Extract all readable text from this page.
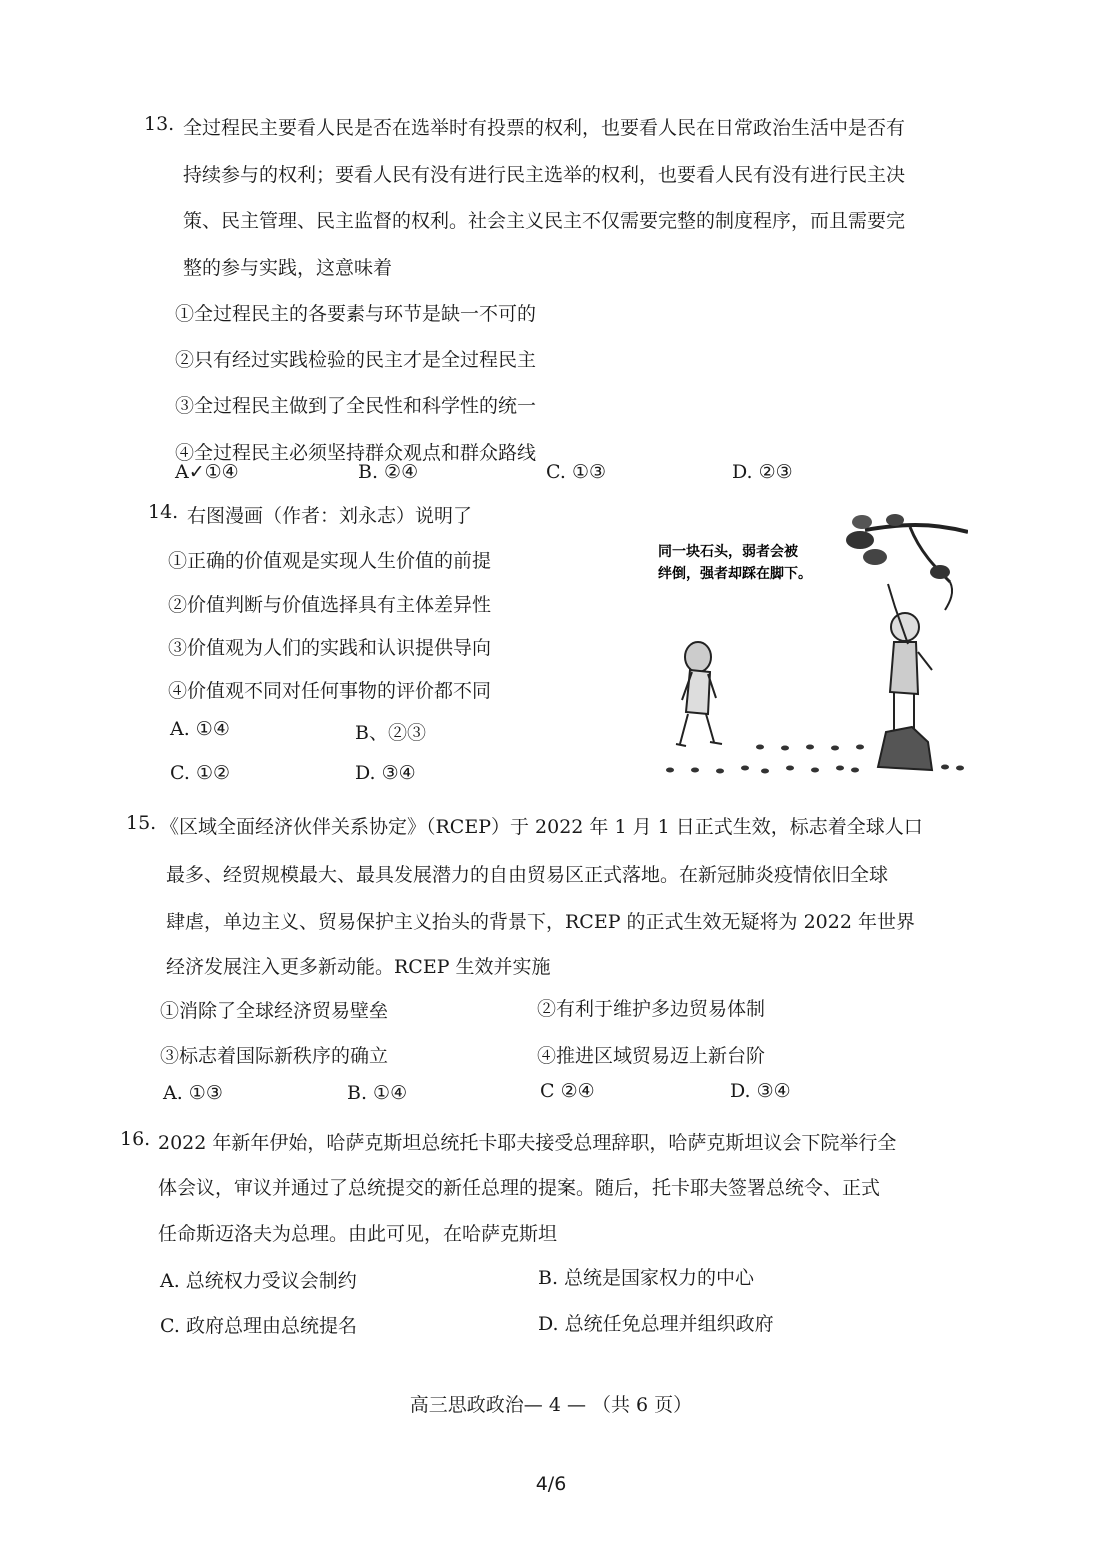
13. 全过程民主要看人民是否在选举时有投票的权利，也要看人民在日常政治生活中是否有
持续参与的权利；要看人民有没有进行民主选举的权利，也要看人民有没有进行民主决
策、民主管理、民主监督的权利。社会主义民主不仅需要完整的制度程序，而且需要完
整的参与实践，这意味着
①全过程民主的各要素与环节是缺一不可的
②只有经过实践检验的民主才是全过程民主
③全过程民主做到了全民性和科学性的统一
④全过程民主必须坚持群众观点和群众路线
A✓①④	B. ②④	C. ①③	D. ②③
14. 右图漫画（作者：刘永志）说明了
①正确的价值观是实现人生价值的前提
②价值判断与价值选择具有主体差异性
③价值观为人们的实践和认识提供导向
④价值观不同对任何事物的评价都不同
A. ①④	B、②③
C. ①②	D. ③④
同一块石头，弱者会被
绊倒，强者却踩在脚下。
15. 《区域全面经济伙伴关系协定》（RCEP）于 2022 年 1 月 1 日正式生效，标志着全球人口
最多、经贸规模最大、最具发展潜力的自由贸易区正式落地。在新冠肺炎疫情依旧全球
肆虐，单边主义、贸易保护主义抬头的背景下，RCEP 的正式生效无疑将为 2022 年世界
经济发展注入更多新动能。RCEP 生效并实施
①消除了全球经济贸易壁垒	②有利于维护多边贸易体制
③标志着国际新秩序的确立	④推进区域贸易迈上新台阶
A. ①③	B. ①④	C ②④	D. ③④
16. 2022 年新年伊始，哈萨克斯坦总统托卡耶夫接受总理辞职，哈萨克斯坦议会下院举行全
体会议，审议并通过了总统提交的新任总理的提案。随后，托卡耶夫签署总统令、正式
任命斯迈洛夫为总理。由此可见，在哈萨克斯坦
A. 总统权力受议会制约	B. 总统是国家权力的中心
C. 政府总理由总统提名	D. 总统任免总理并组织政府
高三思政政治— 4 — （共 6 页）
4/6
